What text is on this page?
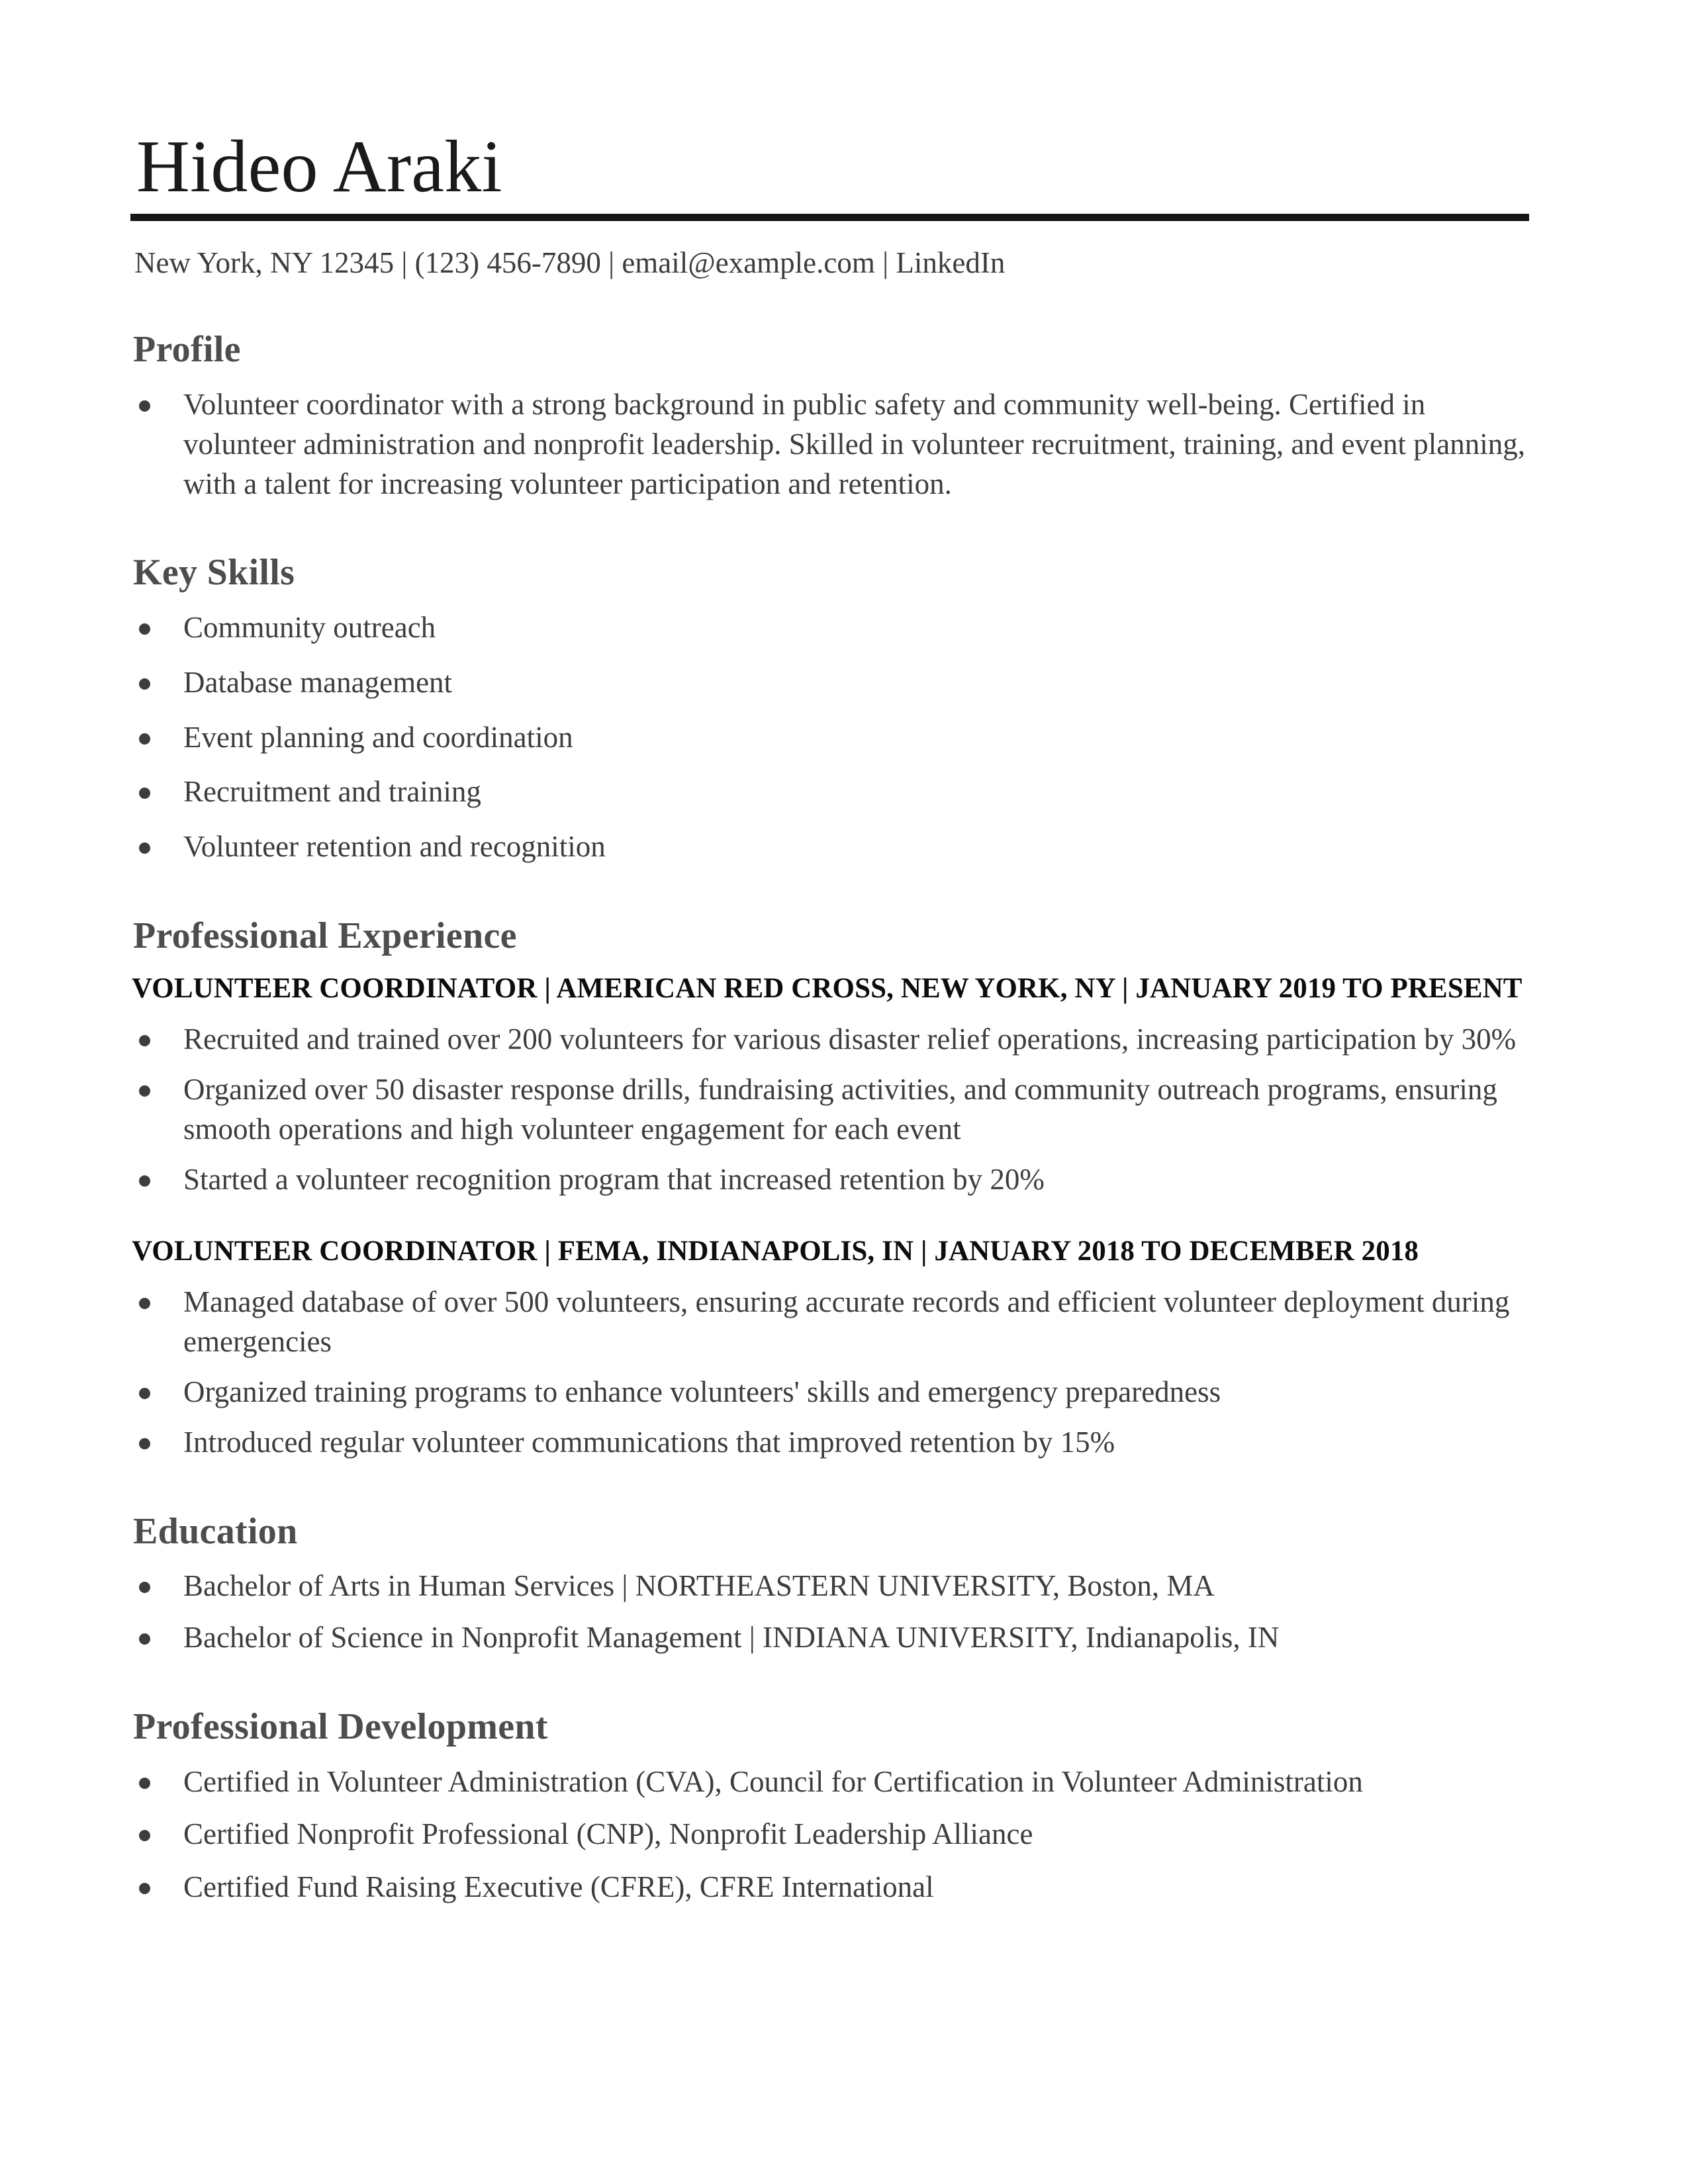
Hideo Araki
New York, NY 12345 | (123) 456-7890 | email@example.com | LinkedIn
Profile
Volunteer coordinator with a strong background in public safety and community well-being. Certified in volunteer administration and nonprofit leadership. Skilled in volunteer recruitment, training, and event planning, with a talent for increasing volunteer participation and retention.
Key Skills
Community outreach
Database management
Event planning and coordination
Recruitment and training
Volunteer retention and recognition
Professional Experience
VOLUNTEER COORDINATOR | AMERICAN RED CROSS, NEW YORK, NY | JANUARY 2019 TO PRESENT
Recruited and trained over 200 volunteers for various disaster relief operations, increasing participation by 30%
Organized over 50 disaster response drills, fundraising activities, and community outreach programs, ensuring smooth operations and high volunteer engagement for each event
Started a volunteer recognition program that increased retention by 20%
VOLUNTEER COORDINATOR | FEMA, INDIANAPOLIS, IN | JANUARY 2018 TO DECEMBER 2018
Managed database of over 500 volunteers, ensuring accurate records and efficient volunteer deployment during emergencies
Organized training programs to enhance volunteers' skills and emergency preparedness
Introduced regular volunteer communications that improved retention by 15%
Education
Bachelor of Arts in Human Services | NORTHEASTERN UNIVERSITY, Boston, MA
Bachelor of Science in Nonprofit Management | INDIANA UNIVERSITY, Indianapolis, IN
Professional Development
Certified in Volunteer Administration (CVA), Council for Certification in Volunteer Administration
Certified Nonprofit Professional (CNP), Nonprofit Leadership Alliance
Certified Fund Raising Executive (CFRE), CFRE International
